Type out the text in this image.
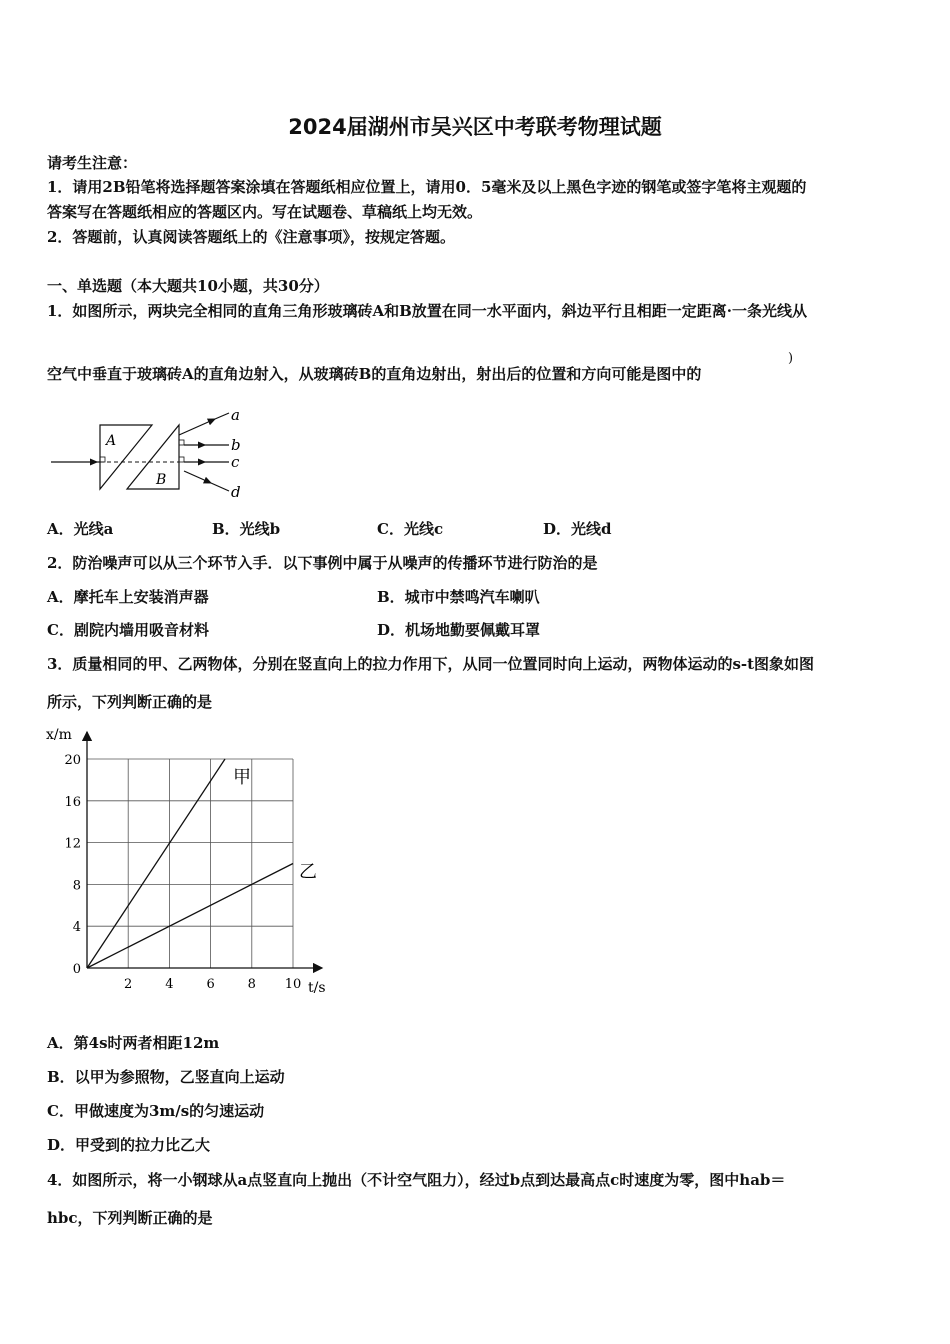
2024届湖州市吴兴区中考联考物理试题
请考生注意：
1．请用2B铅笔将选择题答案涂填在答题纸相应位置上，请用0．5毫米及以上黑色字迹的钢笔或签字笔将主观题的
答案写在答题纸相应的答题区内。写在试题卷、草稿纸上均无效。
2．答题前，认真阅读答题纸上的《注意事项》，按规定答题。
一、单选题（本大题共10小题，共30分）
1．如图所示，两块完全相同的直角三角形玻璃砖A和B放置在同一水平面内，斜边平行且相距一定距离·一条光线从
空气中垂直于玻璃砖A的直角边射入，从玻璃砖B的直角边射出，射出后的位置和方向可能是图中的
)
A
B
a
b
c
d
A．光线a	B．光线b	C．光线c	D．光线d
2．防治噪声可以从三个环节入手．以下事例中属于从噪声的传播环节进行防治的是
A．摩托车上安装消声器	B．城市中禁鸣汽车喇叭
C．剧院内墙用吸音材料	D．机场地勤要佩戴耳罩
3．质量相同的甲、乙两物体，分别在竖直向上的拉力作用下，从同一位置同时向上运动，两物体运动的s-t图象如图
所示，下列判断正确的是
x/m
t/s
0
4
8
12
16
20
2	4	6	8 10
甲
乙
A．第4s时两者相距12m
B．以甲为参照物，乙竖直向上运动
C．甲做速度为3m/s的匀速运动
D．甲受到的拉力比乙大
4．如图所示，将一小钢球从a点竖直向上抛出（不计空气阻力），经过b点到达最高点c时速度为零，图中hab＝
hbc，下列判断正确的是
